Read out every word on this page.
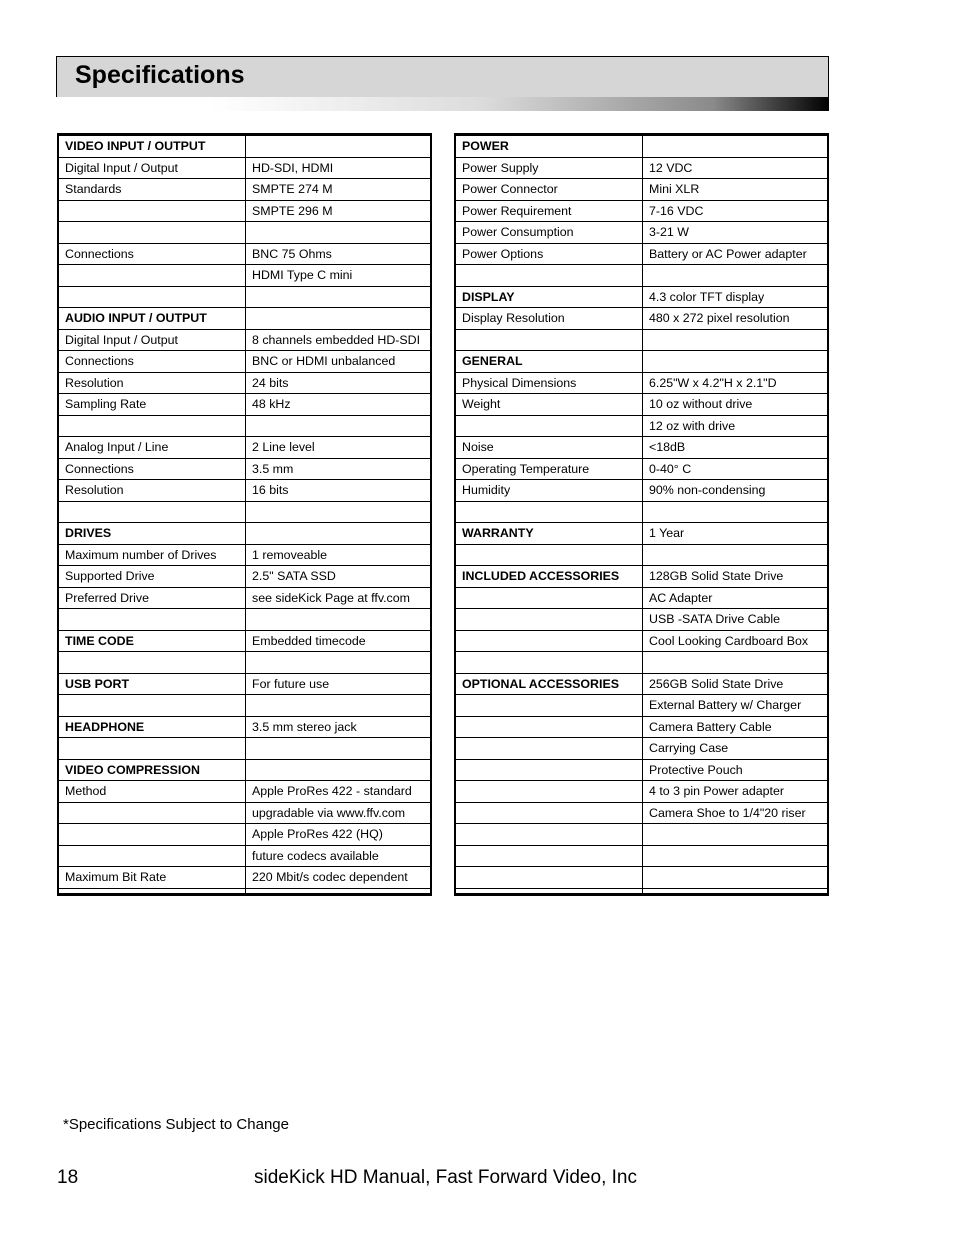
Specifications
VIDEO INPUT / OUTPUT	
Digital Input / Output	HD-SDI, HDMI
Standards	SMPTE 274 M
	SMPTE 296 M

Connections	BNC 75 Ohms
	HDMI Type C mini

AUDIO INPUT / OUTPUT	
Digital Input / Output	8 channels embedded HD-SDI
Connections	BNC or HDMI unbalanced
Resolution	24 bits
Sampling Rate	48 kHz

Analog Input / Line	2 Line level
Connections	3.5 mm
Resolution	16 bits

DRIVES	
Maximum number of Drives	1 removeable
Supported Drive	2.5" SATA SSD
Preferred Drive	see sideKick Page at ffv.com

TIME CODE	Embedded timecode

USB PORT	For future use

HEADPHONE	3.5 mm stereo jack

VIDEO COMPRESSION	
Method	Apple ProRes 422 - standard
	upgradable via www.ffv.com
	Apple ProRes 422 (HQ)
	future codecs available
Maximum Bit Rate	220 Mbit/s codec dependent

POWER	
Power Supply	12 VDC
Power Connector	Mini XLR
Power Requirement	7-16 VDC
Power Consumption	3-21 W
Power Options	Battery or AC Power adapter

DISPLAY	4.3 color TFT display
Display Resolution	480 x 272 pixel resolution

GENERAL	
Physical Dimensions	6.25"W x 4.2"H x 2.1"D
Weight	10 oz without drive
	12 oz with drive
Noise	<18dB
Operating Temperature	0-40° C
Humidity	90% non-condensing

WARRANTY	1 Year

INCLUDED ACCESSORIES	128GB Solid State Drive
	AC Adapter
	USB -SATA Drive Cable
	Cool Looking Cardboard Box

OPTIONAL ACCESSORIES	256GB Solid State Drive
	External Battery w/ Charger
	Camera Battery Cable
	Carrying Case
	Protective Pouch
	4 to 3 pin Power adapter
	Camera Shoe to 1/4"20 riser

*Specifications Subject to Change
18	sideKick HD Manual, Fast Forward Video, Inc
